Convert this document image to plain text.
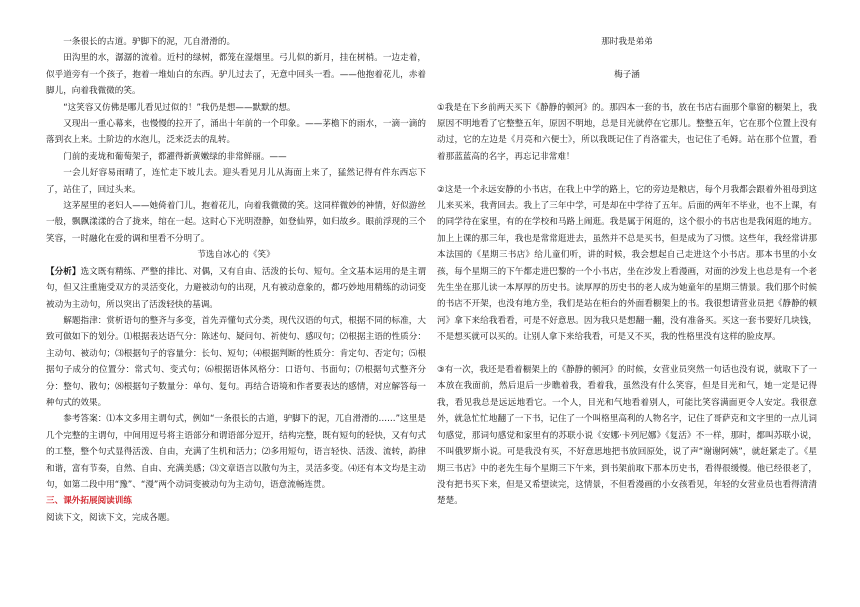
一条很长的古道。驴脚下的泥，兀自滑滑的。

田沟里的水，潺潺的流着。近村的绿树，都笼在湿烟里。弓儿似的新月，挂在树梢。一边走着，似乎道旁有一个孩子，抱着一堆灿白的东西。驴儿过去了，无意中回头一看。——他抱着花儿，赤着脚儿，向着我微微的笑。

“这笑容又仿佛是哪儿看见过似的！”我仍是想——默默的想。

又现出一重心幕来，也慢慢的拉开了，涌出十年前的一个印象。——茅檐下的雨水，一滴一滴的落到衣上来。土阶边的水泡儿，泛来泛去的乱转。

门前的麦垅和葡萄架子，都濯得新黄嫩绿的非常鲜丽。——

一会儿好容易雨晴了，连忙走下坡儿去。迎头看见月儿从海面上来了，猛然记得有件东西忘下了，站住了，回过头来。

这茅屋里的老妇人——她倚着门儿，抱着花儿，向着我微微的笑。这同样微妙的神情，好似游丝一般，飘飘漾漾的合了拢来，绾在一起。这时心下光明澄静，如登仙界，如归故乡。眼前浮现的三个笑容，一时融化在爱的调和里看不分明了。

节选自冰心的《笑》

【分析】选文既有精练、严整的排比、对偶，又有自由、活泼的长句、短句。全文基本运用的是主谓句，但又注重施受双方的灵活变化，力避被动句的出现，凡有被动意象的，都巧妙地用精练的动词变被动为主动句，所以突出了活泼轻快的基调。

解题指津：赏析语句的整齐与多变，首先弄懂句式分类，现代汉语的句式，根据不同的标准，大致可做如下的划分。⑴根据表达语气分：陈述句、疑问句、祈使句、感叹句；⑵根据主语的性质分：主动句、被动句；⑶根据句子的容量分：长句、短句；⑷根据判断的性质分：肯定句、否定句；⑸根据句子成分的位置分：常式句、变式句；⑹根据语体风格分：口语句、书面句；⑺根据句式整齐分分：整句、散句；⑻根据句子数量分：单句、复句。再结合语境和作者要表达的感情，对应解答每一种句式的效果。

参考答案：⑴本文多用主谓句式，例如“一条很长的古道，驴脚下的泥，兀自滑滑的……”这里是几个完整的主谓句，中间用逗号将主语部分和谓语部分逗开，结构完整，既有短句的轻快，又有句式的工整，整个句式显得活泼、自由，充满了生机和活力；⑵多用短句，语言轻快、活泼、流转，韵律和谐，富有节奏，自然、自由、充满美感；⑶文章语言以散句为主，灵活多变。⑷还有本文均是主动句，如第二段中用“豫”、“漫”两个动词变被动句为主动句，语意流畅连贯。

三、课外拓展阅读训练

阅读下文，阅读下文，完成各题。

那时我是弟弟

梅子涵

①我是在下乡前两天买下《静静的顿河》的。那四本一套的书，放在书店右面那个靠窗的橱架上，我原因不明地看了它整整五年，原因不明地，总是目光就停在它那儿。整整五年，它在那个位置上没有动过，它的左边是《月亮和六便士》，所以我既记住了肖洛霍夫，也记住了毛姆。站在那个位置，看着那蓝蓝高的名字，再忘记非常难！

②这是一个永远安静的小书店，在我上中学的路上，它的旁边是粮店，每个月我都会跟着外祖母到这儿来买米，我背回去。我上了三年中学，可是却在中学待了五年。后面的两年不毕业，也不上课，有的同学待在家里，有的在学校和马路上闹逛。我是属于闲逛的，这个很小的书店也是我闲逛的地方。加上上课的那三年，我也是常常逛进去，虽然并不总是买书，但是成为了习惯。这些年，我经常讲那本法国的《星期三书店》给儿童们听，讲的时候，我会想起自己走进这个小书店。那本书里的小女孩，每个星期三的下午都走进巴黎的一个小书店，坐在沙发上看漫画，对面的沙发上也总是有一个老先生坐在那儿读一本厚厚的历史书。读厚厚的历史书的老人成为她童年的星期三情景。我们那个时候的书店不开架，也没有地方坐，我们是站在柜台的外面看橱架上的书。我很想请营业员把《静静的顿河》拿下来给我看看，可是不好意思。因为我只是想翻一翻，没有准备买。买这一套书要好几块钱，不是想买就可以买的。让别人拿下来给我看，可是又不买，我的性格里没有这样的脸皮厚。

③有一次，我还是看着橱架上的《静静的顿河》的时候，女营业员突然一句话也没有说，就取下了一本放在我面前，然后退后一步瞧着我，看着我，虽然没有什么笑容，但是目光和气，她一定是记得我，看见我总是远远地看它。一个人，目光和气地看着别人，可能比笑容满面更令人安定。我很意外，就急忙忙地翻了一下书，记住了一个叫格里高利的人物名字，记住了哥萨克和文字里的一点儿词句感觉，那词句感觉和家里有的苏联小说《安娜·卡列尼娜》《复活》不一样，那时，都叫苏联小说，不叫俄罗斯小说。可是我没有买，不好意思地把书放回原处，说了声“谢谢阿姨”，就赶紧走了。《星期三书店》中的老先生每个星期三下午来，到书架前取下那本历史书，看得很缓慢。他已经很老了，没有把书买下来，但是又希望读完，这情景，不但看漫画的小女孩看见，年轻的女营业员也看得清清楚楚。
